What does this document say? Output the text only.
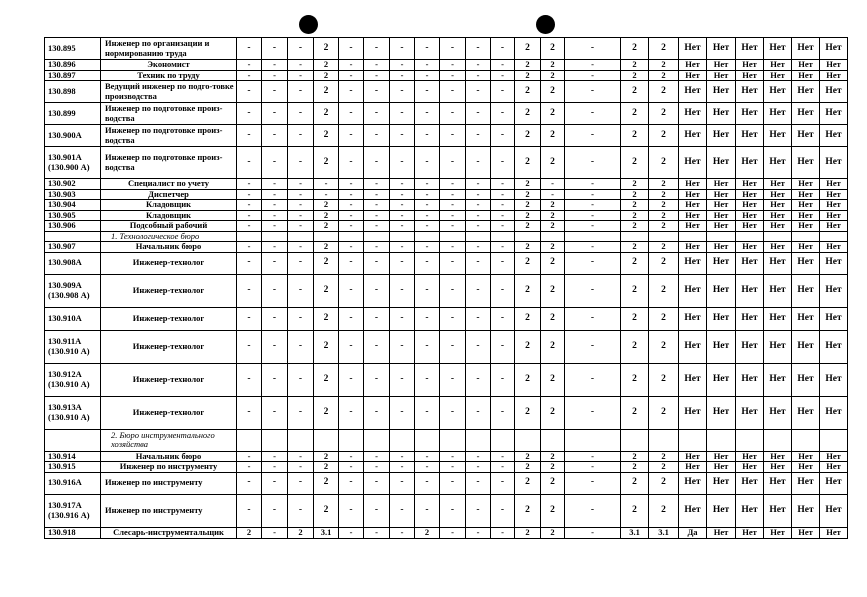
130.895	Инженер по организации и нормированию труда	-	-	-	2	-	-	-	-	-	-	-	2	2	-	2	2	Нет	Нет	Нет	Нет	Нет	Нет
130.896	Экономист	-	-	-	2	-	-	-	-	-	-	-	2	2	-	2	2	Нет	Нет	Нет	Нет	Нет	Нет
130.897	Техник по труду	-	-	-	2	-	-	-	-	-	-	-	2	2	-	2	2	Нет	Нет	Нет	Нет	Нет	Нет
130.898	Ведущий инженер по подго-товке производства	-	-	-	2	-	-	-	-	-	-	-	2	2	-	2	2	Нет	Нет	Нет	Нет	Нет	Нет
130.899	Инженер по подготовке произ-водства	-	-	-	2	-	-	-	-	-	-	-	2	2	-	2	2	Нет	Нет	Нет	Нет	Нет	Нет
130.900А	Инженер по подготовке произ-водства	-	-	-	2	-	-	-	-	-	-	-	2	2	-	2	2	Нет	Нет	Нет	Нет	Нет	Нет
130.901А (130.900 А)	Инженер по подготовке произ-водства	-	-	-	2	-	-	-	-	-	-	-	2	2	-	2	2	Нет	Нет	Нет	Нет	Нет	Нет
130.902	Специалист по учету	-	-	-	-	-	-	-	-	-	-	-	2	-	-	2	2	Нет	Нет	Нет	Нет	Нет	Нет
130.903	Диспетчер	-	-	-	-	-	-	-	-	-	-	-	2	-	-	2	2	Нет	Нет	Нет	Нет	Нет	Нет
130.904	Кладовщик	-	-	-	2	-	-	-	-	-	-	-	2	2	-	2	2	Нет	Нет	Нет	Нет	Нет	Нет
130.905	Кладовщик	-	-	-	2	-	-	-	-	-	-	-	2	2	-	2	2	Нет	Нет	Нет	Нет	Нет	Нет
130.906	Подсобный рабочий	-	-	-	2	-	-	-	-	-	-	-	2	2	-	2	2	Нет	Нет	Нет	Нет	Нет	Нет
	1. Технологическое бюро																						
130.907	Начальник бюро	-	-	-	2	-	-	-	-	-	-	-	2	2	-	2	2	Нет	Нет	Нет	Нет	Нет	Нет
130.908А	Инженер-технолог	-	-	-	2	-	-	-	-	-	-	-	2	2	-	2	2	Нет	Нет	Нет	Нет	Нет	Нет
130.909А (130.908 А)	Инженер-технолог	-	-	-	2	-	-	-	-	-	-	-	2	2	-	2	2	Нет	Нет	Нет	Нет	Нет	Нет
130.910А	Инженер-технолог	-	-	-	2	-	-	-	-	-	-	-	2	2	-	2	2	Нет	Нет	Нет	Нет	Нет	Нет
130.911А (130.910 А)	Инженер-технолог	-	-	-	2	-	-	-	-	-	-	-	2	2	-	2	2	Нет	Нет	Нет	Нет	Нет	Нет
130.912А (130.910 А)	Инженер-технолог	-	-	-	2	-	-	-	-	-	-	-	2	2	-	2	2	Нет	Нет	Нет	Нет	Нет	Нет
130.913А (130.910 А)	Инженер-технолог	-	-	-	2	-	-	-	-	-	-	-	2	2	-	2	2	Нет	Нет	Нет	Нет	Нет	Нет
	2. Бюро инструментального хозяйства																						
130.914	Начальник бюро	-	-	-	2	-	-	-	-	-	-	-	2	2	-	2	2	Нет	Нет	Нет	Нет	Нет	Нет
130.915	Инженер по инструменту	-	-	-	2	-	-	-	-	-	-	-	2	2	-	2	2	Нет	Нет	Нет	Нет	Нет	Нет
130.916А	Инженер по инструменту	-	-	-	2	-	-	-	-	-	-	-	2	2	-	2	2	Нет	Нет	Нет	Нет	Нет	Нет
130.917А (130.916 А)	Инженер по инструменту	-	-	-	2	-	-	-	-	-	-	-	2	2	-	2	2	Нет	Нет	Нет	Нет	Нет	Нет
130.918	Слесарь-инструментальщик	2	-	2	3.1	-	-	-	2	-	-	-	2	2	-	3.1	3.1	Да	Нет	Нет	Нет	Нет	Нет
